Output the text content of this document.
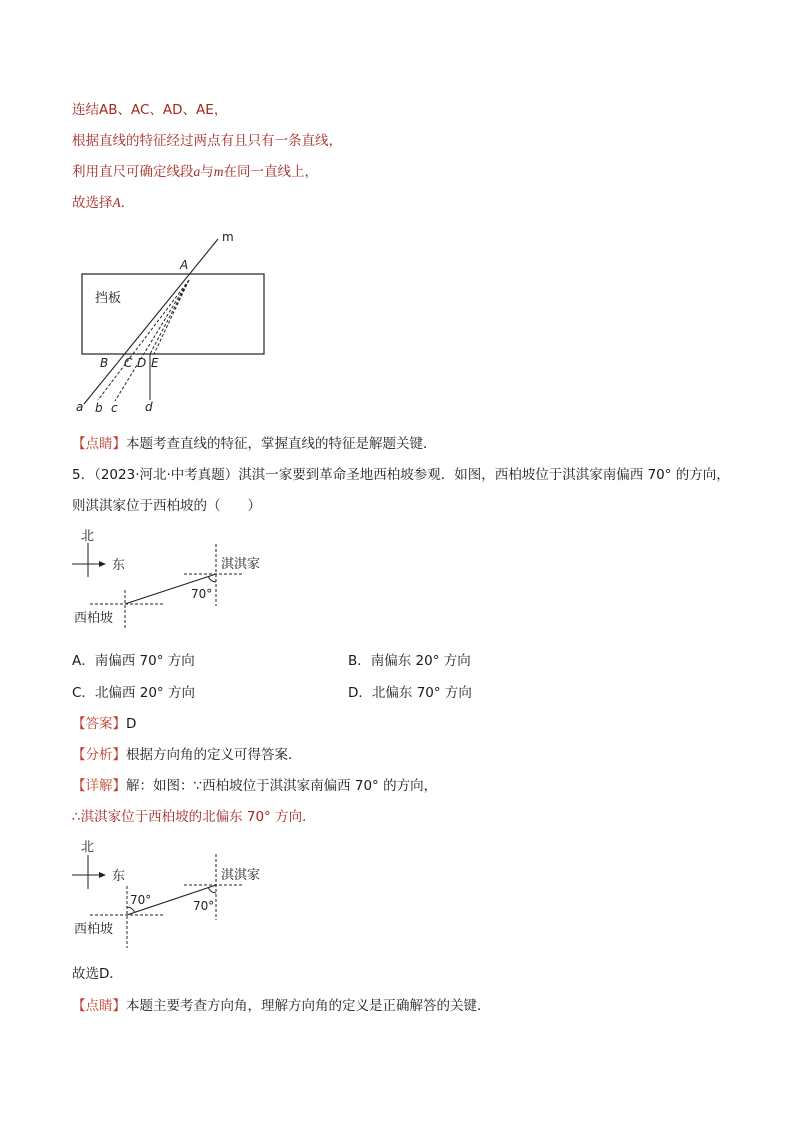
连结AB、AC、AD、AE，
根据直线的特征经过两点有且只有一条直线，
利用直尺可确定线段a与m在同一直线上，
故选择A．
m
A
挡板
B C D E
a b c d
【点睛】本题考查直线的特征，掌握直线的特征是解题关键．
5．（2023·河北·中考真题）淇淇一家要到革命圣地西柏坡参观．如图，西柏坡位于淇淇家南偏西 70° 的方向，
则淇淇家位于西柏坡的（　　）
北
东	淇淇家
70°
西柏坡
A．南偏西 70° 方向	B．南偏东 20° 方向
C．北偏西 20° 方向	D．北偏东 70° 方向
【答案】D
【分析】根据方向角的定义可得答案．
【详解】解：如图：∵西柏坡位于淇淇家南偏西 70° 的方向，
∴淇淇家位于西柏坡的北偏东 70° 方向．
北
东	淇淇家
70°	70°
西柏坡
故选D．
【点睛】本题主要考查方向角，理解方向角的定义是正确解答的关键．
